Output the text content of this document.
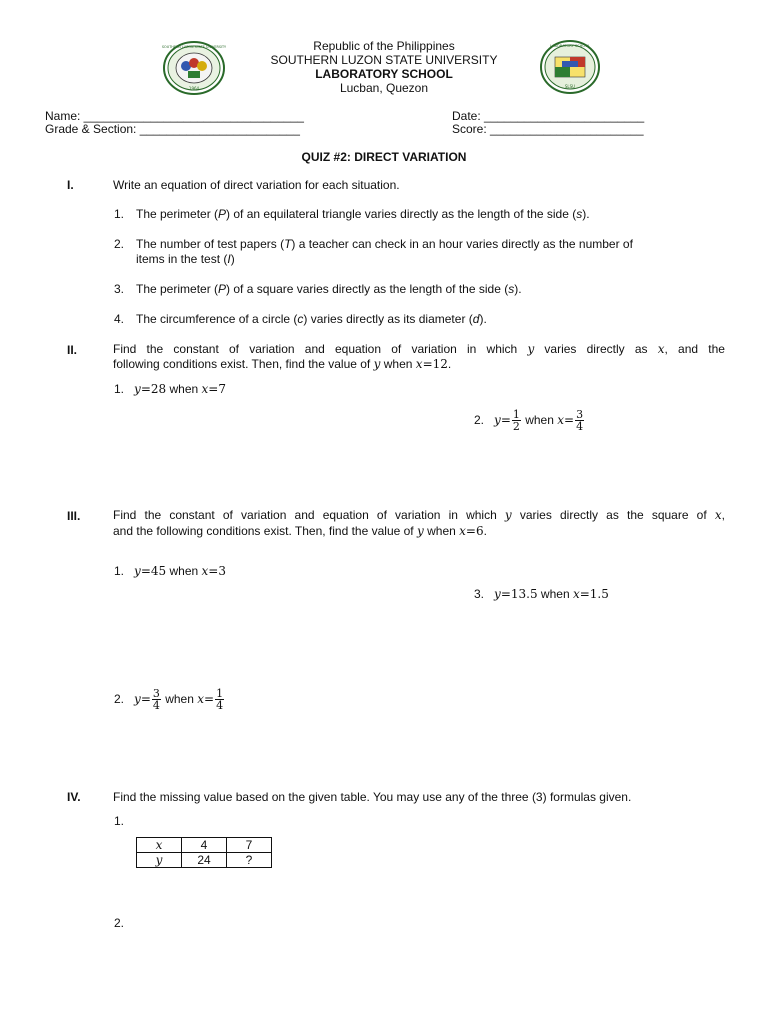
1964
SOUTHERN LUZON STATE UNIVERSITY	LABORATORY SCHOOL
SLSU
Republic of the Philippines
SOUTHERN LUZON STATE UNIVERSITY
LABORATORY SCHOOL
Lucban, Quezon
Name: _________________________________
Grade & Section: ________________________
Date: ________________________
Score: _______________________
QUIZ #2: DIRECT VARIATION
I.	Write an equation of direct variation for each situation.
1. The perimeter (P) of an equilateral triangle varies directly as the length of the side (s).
2. The number of test papers (T) a teacher can check in an hour varies directly as the number of
items in the test (I)
3. The perimeter (P) of a square varies directly as the length of the side (s).
4. The circumference of a circle (c) varies directly as its diameter (d).
II.	Find the constant of variation and equation of variation in which y varies directly as x, and the
following conditions exist. Then, find the value of y when x=12.
1. y=28 when x=7
2. $y= \frac{1}{2}$ when $x= \frac{3}{4}$
III.	Find the constant of variation and equation of variation in which y varies directly as the square of x,
and the following conditions exist. Then, find the value of y when x=6.
1. y=45 when x=3
3. y=13.5 when x=1.5
2. $y= \frac{3}{4}$ when $x= \frac{1}{4}$
IV.	Find the missing value based on the given table. You may use any of the three (3) formulas given.
1.
x	4	7
y	24	?
2.
